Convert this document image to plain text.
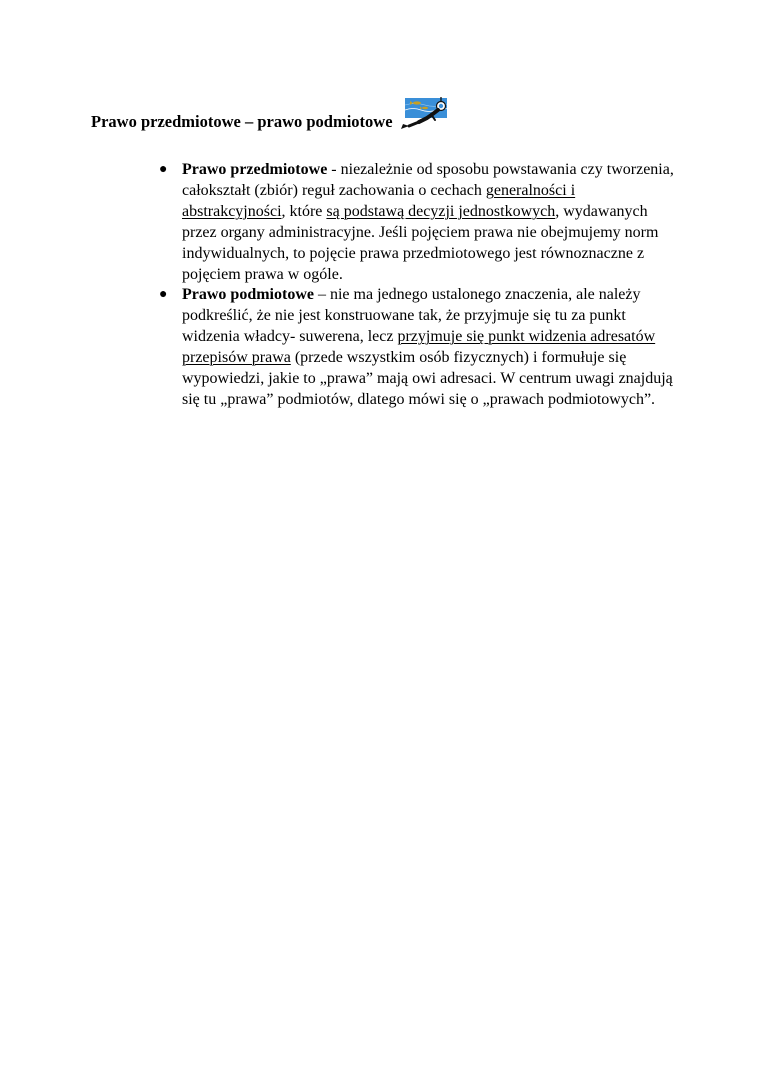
Prawo przedmiotowe – prawo podmiotowe
● Prawo przedmiotowe - niezależnie od sposobu powstawania czy tworzenia, całokształt (zbiór) reguł zachowania o cechach generalności i abstrakcyjności, które są podstawą decyzji jednostkowych, wydawanych przez organy administracyjne. Jeśli pojęciem prawa nie obejmujemy norm indywidualnych, to pojęcie prawa przedmiotowego jest równoznaczne z pojęciem prawa w ogóle.
● Prawo podmiotowe – nie ma jednego ustalonego znaczenia, ale należy podkreślić, że nie jest konstruowane tak, że przyjmuje się tu za punkt widzenia władcy- suwerena, lecz przyjmuje się punkt widzenia adresatów przepisów prawa (przede wszystkim osób fizycznych) i formułuje się wypowiedzi, jakie to „prawa” mają owi adresaci. W centrum uwagi znajdują się tu „prawa” podmiotów, dlatego mówi się o „prawach podmiotowych”.
